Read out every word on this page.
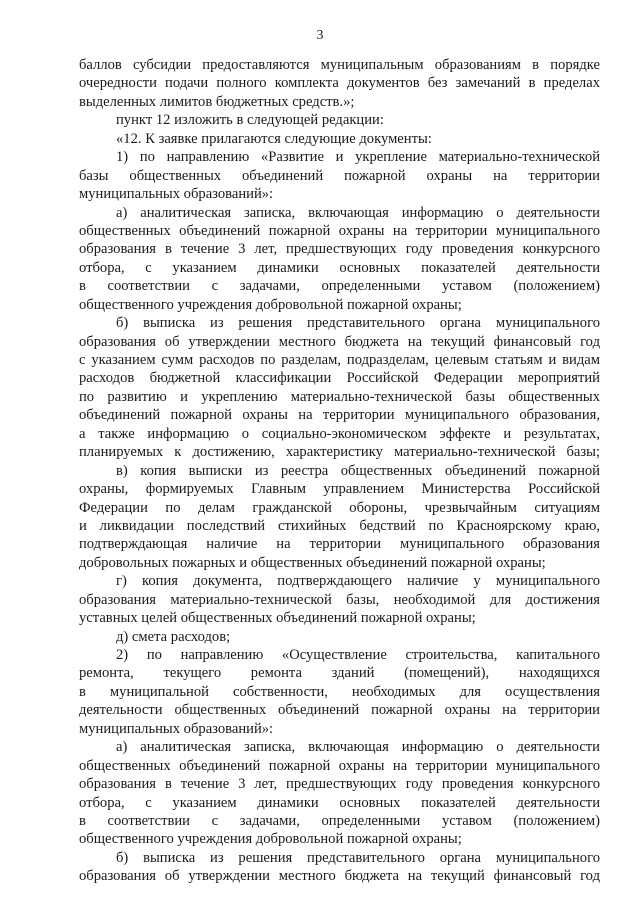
3
баллов субсидии предоставляются муниципальным образованиям в порядке
очередности подачи полного комплекта документов без замечаний в пределах
выделенных лимитов бюджетных средств.»;
пункт 12 изложить в следующей редакции:
«12. К заявке прилагаются следующие документы:
1) по направлению «Развитие и укрепление материально-технической
базы общественных объединений пожарной охраны на территории
муниципальных образований»:
а) аналитическая записка, включающая информацию о деятельности
общественных объединений пожарной охраны на территории муниципального
образования в течение 3 лет, предшествующих году проведения конкурсного
отбора, с указанием динамики основных показателей деятельности
в соответствии с задачами, определенными уставом (положением)
общественного учреждения добровольной пожарной охраны;
б) выписка из решения представительного органа муниципального
образования об утверждении местного бюджета на текущий финансовый год
с указанием сумм расходов по разделам, подразделам, целевым статьям и видам
расходов бюджетной классификации Российской Федерации мероприятий
по развитию и укреплению материально-технической базы общественных
объединений пожарной охраны на территории муниципального образования,
а также информацию о социально-экономическом эффекте и результатах,
планируемых к достижению, характеристику материально-технической базы;
в) копия выписки из реестра общественных объединений пожарной
охраны, формируемых Главным управлением Министерства Российской
Федерации по делам гражданской обороны, чрезвычайным ситуациям
и ликвидации последствий стихийных бедствий по Красноярскому краю,
подтверждающая наличие на территории муниципального образования
добровольных пожарных и общественных объединений пожарной охраны;
г) копия документа, подтверждающего наличие у муниципального
образования материально-технической базы, необходимой для достижения
уставных целей общественных объединений пожарной охраны;
д) смета расходов;
2) по направлению «Осуществление строительства, капитального
ремонта, текущего ремонта зданий (помещений), находящихся
в муниципальной собственности, необходимых для осуществления
деятельности общественных объединений пожарной охраны на территории
муниципальных образований»:
а) аналитическая записка, включающая информацию о деятельности
общественных объединений пожарной охраны на территории муниципального
образования в течение 3 лет, предшествующих году проведения конкурсного
отбора, с указанием динамики основных показателей деятельности
в соответствии с задачами, определенными уставом (положением)
общественного учреждения добровольной пожарной охраны;
б) выписка из решения представительного органа муниципального
образования об утверждении местного бюджета на текущий финансовый год
